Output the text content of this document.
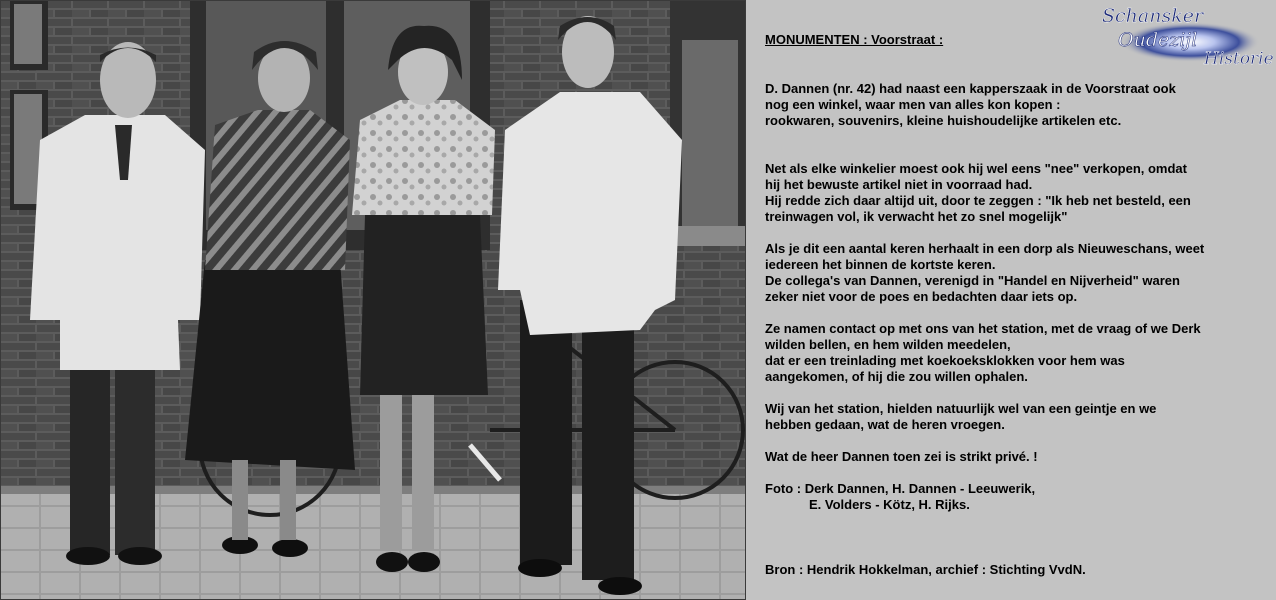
Schansker
Oudezijl
Historie

MONUMENTEN : Voorstraat :

D. Dannen (nr. 42) had naast een kapperszaak in de Voorstraat ook
nog een winkel, waar men van alles kon kopen :
rookwaren, souvenirs, kleine huishoudelijke artikelen etc.

Net als elke winkelier moest ook hij wel eens "nee" verkopen, omdat
hij het bewuste artikel niet in voorraad had.
Hij redde zich daar altijd uit, door te zeggen : "Ik heb net besteld, een
treinwagen vol, ik verwacht het zo snel mogelijk"

Als je dit een aantal keren herhaalt in een dorp als Nieuweschans, weet
iedereen het binnen de kortste keren.
De collega's van Dannen, verenigd in "Handel en Nijverheid" waren
zeker niet voor de poes en bedachten daar iets op.

Ze namen contact op met ons van het station, met de vraag of we Derk
wilden bellen, en hem wilden meedelen,
dat er een treinlading met koekoeksklokken voor hem was
aangekomen, of hij die zou willen ophalen.

Wij van het station, hielden natuurlijk wel van een geintje en we
hebben gedaan, wat de heren vroegen.

Wat de heer Dannen toen zei is strikt privé. !

Foto : Derk Dannen, H. Dannen - Leeuwerik,

E. Volders - Kötz, H. Rijks.

Bron : Hendrik Hokkelman, archief : Stichting VvdN.
